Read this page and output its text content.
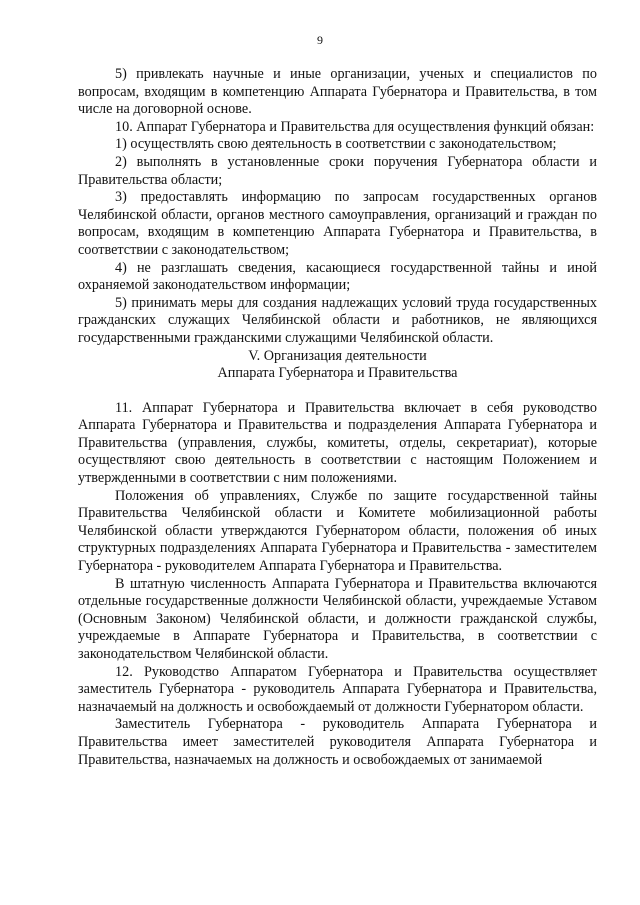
9

5) привлекать научные и иные организации, ученых и специалистов по вопросам, входящим в компетенцию Аппарата Губернатора и Правительства, в том числе на договорной основе.

10. Аппарат Губернатора и Правительства для осуществления функций обязан:

1) осуществлять свою деятельность в соответствии с законодательством;

2) выполнять в установленные сроки поручения Губернатора области и Правительства области;

3) предоставлять информацию по запросам государственных органов Челябинской области, органов местного самоуправления, организаций и граждан по вопросам, входящим в компетенцию Аппарата Губернатора и Правительства, в соответствии с законодательством;

4) не разглашать сведения, касающиеся государственной тайны и иной охраняемой законодательством информации;

5) принимать меры для создания надлежащих условий труда государственных гражданских служащих Челябинской области и работников, не являющихся государственными гражданскими служащими Челябинской области.

V. Организация деятельности

Аппарата Губернатора и Правительства

11. Аппарат Губернатора и Правительства включает в себя руководство Аппарата Губернатора и Правительства и подразделения Аппарата Губернатора и Правительства (управления, службы, комитеты, отделы, секретариат), которые осуществляют свою деятельность в соответствии с настоящим Положением и утвержденными в соответствии с ним положениями.

Положения об управлениях, Службе по защите государственной тайны Правительства Челябинской области и Комитете мобилизационной работы Челябинской области утверждаются Губернатором области, положения об иных структурных подразделениях Аппарата Губернатора и Правительства - заместителем Губернатора - руководителем Аппарата Губернатора и Правительства.

В штатную численность Аппарата Губернатора и Правительства включаются отдельные государственные должности Челябинской области, учреждаемые Уставом (Основным Законом) Челябинской области, и должности гражданской службы, учреждаемые в Аппарате Губернатора и Правительства, в соответствии с законодательством Челябинской области.

12. Руководство Аппаратом Губернатора и Правительства осуществляет заместитель Губернатора - руководитель Аппарата Губернатора и Правительства, назначаемый на должность и освобождаемый от должности Губернатором области.

Заместитель Губернатора - руководитель Аппарата Губернатора и Правительства имеет заместителей руководителя Аппарата Губернатора и Правительства, назначаемых на должность и освобождаемых от занимаемой
